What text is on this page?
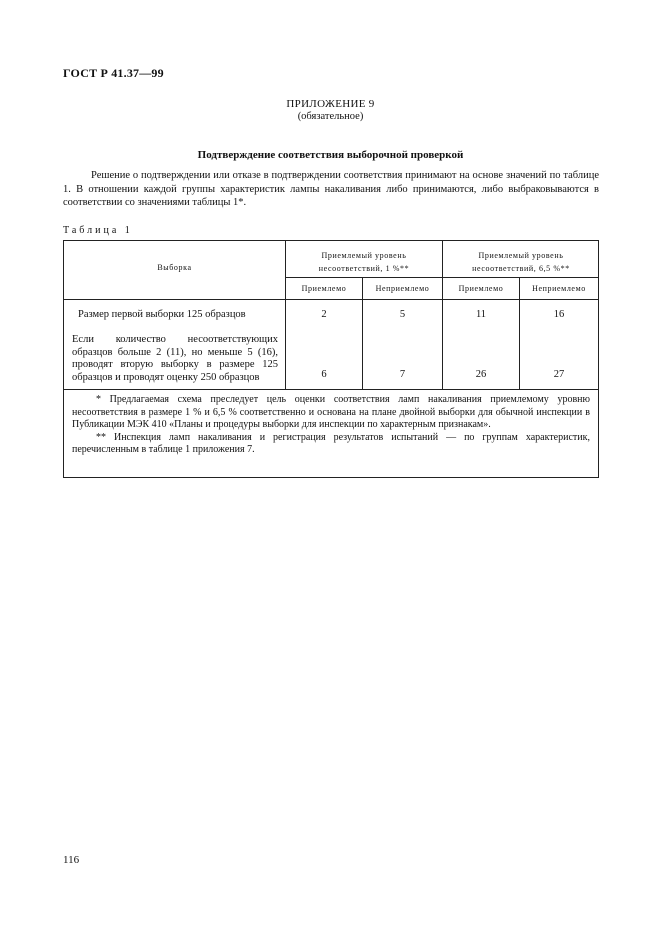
ГОСТ Р 41.37—99
ПРИЛОЖЕНИЕ 9
(обязательное)
Подтверждение соответствия выборочной проверкой

Решение о подтверждении или отказе в подтверждении соответствия принимают на основе значений по таблице 1. В отношении каждой группы характеристик лампы накаливания либо принимаются, либо выбраковываются в соответствии со значениями таблицы 1*.

Таблица 1
Выборка
Приемлемый уровень несоответствий, 1 %**
Приемлемый уровень несоответствий, 6,5 %**
Приемлемо	Неприемлемо	Приемлемо	Неприемлемо
Размер первой выборки 125 образцов	2	5	11	16
Если количество несоответствующих образцов больше 2 (11), но меньше 5 (16), проводят вторую выборку в размере 125 образцов и проводят оценку 250 образцов	6	7	26	27

* Предлагаемая схема преследует цель оценки соответствия ламп накаливания приемлемому уровню несоответствия в размере 1 % и 6,5 % соответственно и основана на плане двойной выборки для обычной инспекции в Публикации МЭК 410 «Планы и процедуры выборки для инспекции по характерным признакам».

** Инспекция ламп накаливания и регистрация результатов испытаний — по группам характеристик, перечисленным в таблице 1 приложения 7.

116
